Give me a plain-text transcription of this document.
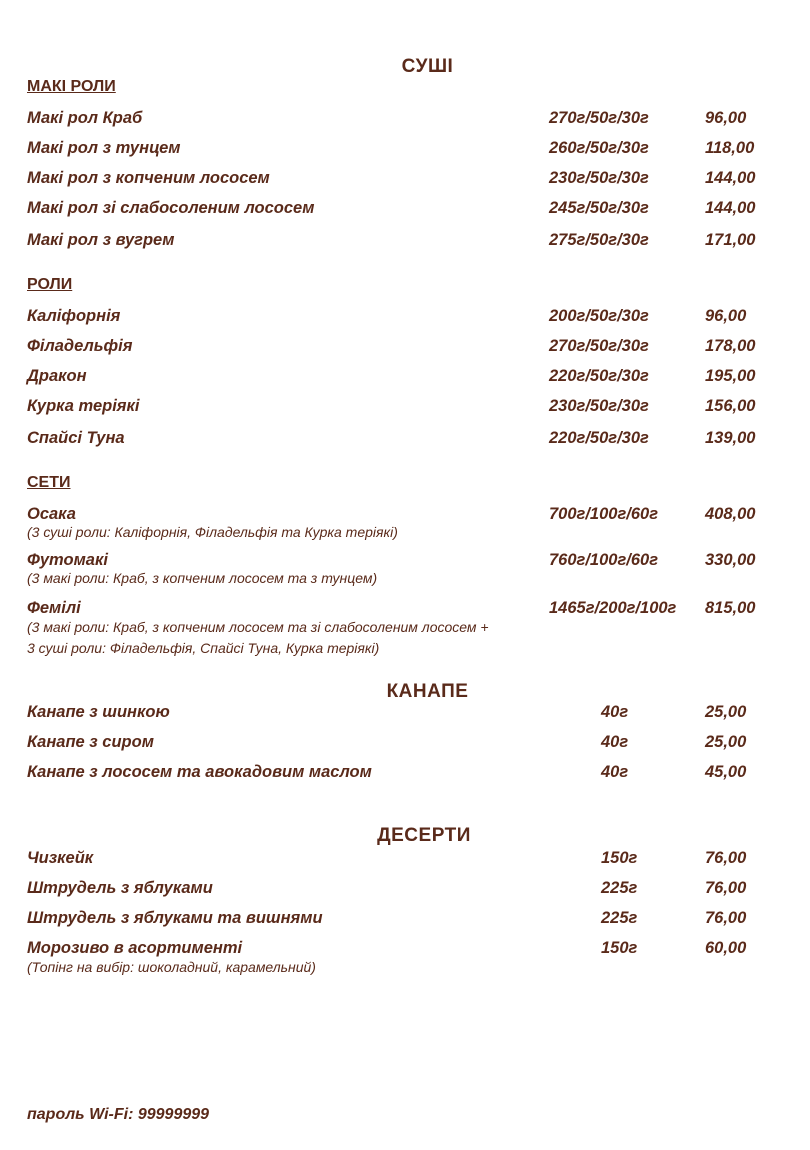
СУШІ
МАКІ РОЛИ
Макі рол Краб	270г/50г/30г	96,00
Макі рол з тунцем	260г/50г/30г	118,00
Макі рол з копченим лососем	230г/50г/30г	144,00
Макі рол зі слабосоленим лососем	245г/50г/30г	144,00
Макі рол з вугрем	275г/50г/30г	171,00
РОЛИ
Каліфорнія	200г/50г/30г	96,00
Філадельфія	270г/50г/30г	178,00
Дракон	220г/50г/30г	195,00
Курка теріякі	230г/50г/30г	156,00
Спайсі Туна	220г/50г/30г	139,00
СЕТИ
Осака	700г/100г/60г	408,00
(3 суші роли: Каліфорнія, Філадельфія та Курка теріякі)
Футомакі	760г/100г/60г	330,00
(3 макі роли: Краб, з копченим лососем та з тунцем)
Фемілі	1465г/200г/100г 815,00
(3 макі роли: Краб, з копченим лососем та зі слабосоленим лососем +
3 суші роли: Філадельфія, Спайсі Туна, Курка теріякі)
КАНАПЕ
Канапе з шинкою	40г	25,00
Канапе з сиром	40г	25,00
Канапе з лососем та авокадовим маслом	40г	45,00
ДЕСЕРТИ
Чизкейк	150г	76,00
Штрудель з яблуками	225г	76,00
Штрудель з яблуками та вишнями	225г	76,00
Морозиво в асортименті	150г	60,00
(Топінг на вибір: шоколадний, карамельний)
пароль Wi-Fi: 99999999
